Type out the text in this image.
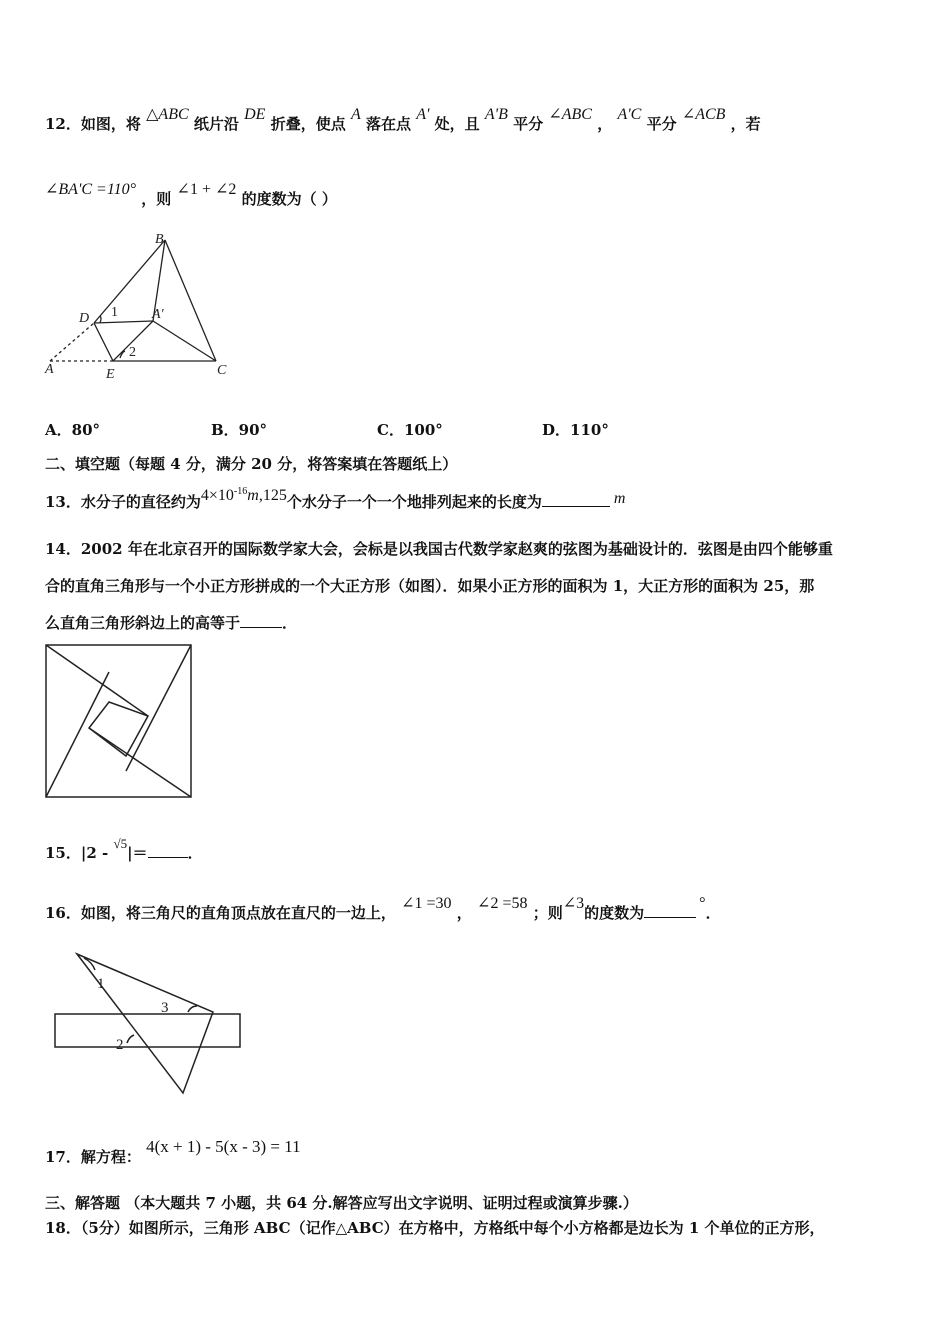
12．如图，将 △ABC 纸片沿 DE 折叠，使点 A 落在点 A' 处，且 A'B 平分 ∠ABC ， A'C 平分 ∠ACB ，若
∠BA'C =110° ，则 ∠1 + ∠2 的度数为（ ）
B
D 1 A′
2
A	E	C
A．80°	B．90°	C．100°	D．110°
二、填空题（每题 4 分，满分 20 分，将答案填在答题纸上）
13．水分子的直径约为$4\times 10^{-16}m,125$个水分子一个一个地排列起来的长度为	m
14．2002 年在北京召开的国际数学家大会，会标是以我国古代数学家赵爽的弦图为基础设计的．弦图是由四个能够重
合的直角三角形与一个小正方形拼成的一个大正方形（如图）．如果小正方形的面积为 1，大正方形的面积为 25，那
么直角三角形斜边上的高等于	．
15．|2 - √5|＝	．
16．如图，将三角尺的直角顶点放在直尺的一边上， ∠1 =30 ， ∠2 =58 ；则∠3的度数为°．
1
2
3
17．解方程： 4(x + 1) - 5(x - 3) = 11
三、解答题 （本大题共 7 小题，共 64 分.解答应写出文字说明、证明过程或演算步骤.）
18．（5分）如图所示，三角形 ABC（记作△ABC）在方格中，方格纸中每个小方格都是边长为 1 个单位的正方形，
